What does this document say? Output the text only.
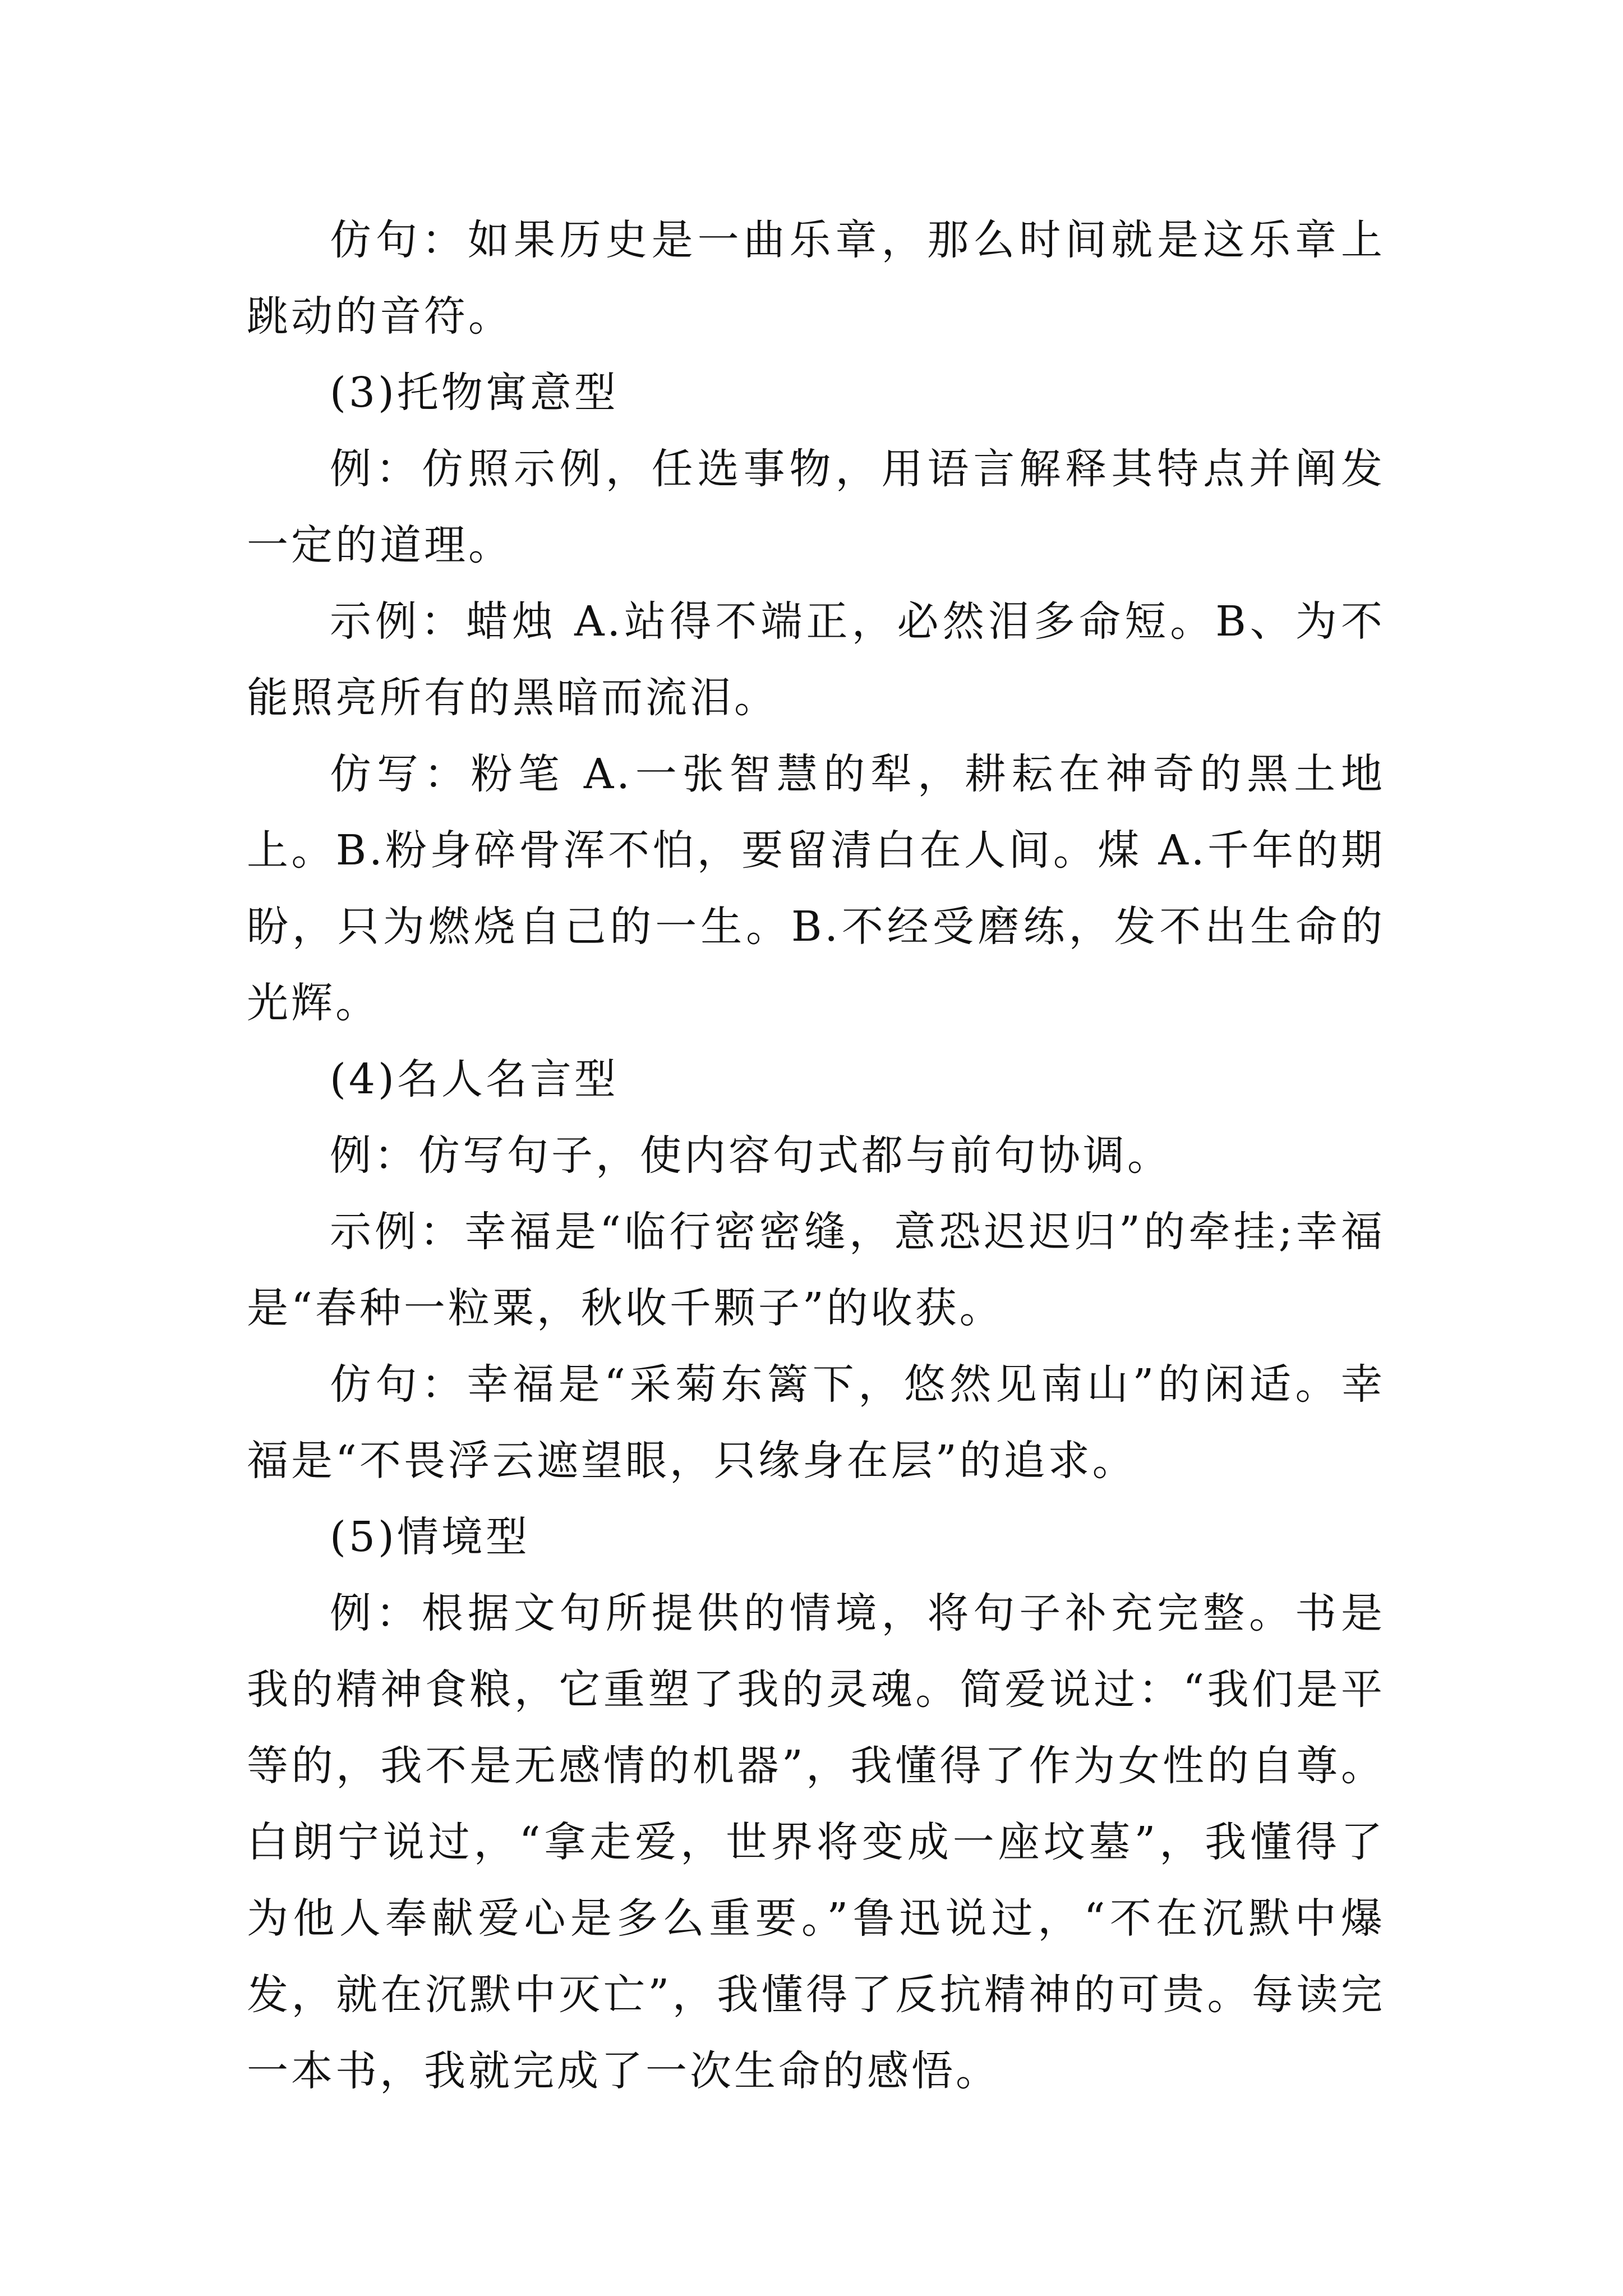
仿句：如果历史是一曲乐章，那么时间就是这乐章上跳动的音符。

(3)托物寓意型

例：仿照示例，任选事物，用语言解释其特点并阐发一定的道理。

示例：蜡烛 A.站得不端正，必然泪多命短。B、为不能照亮所有的黑暗而流泪。

仿写：粉笔 A.一张智慧的犁，耕耘在神奇的黑土地上。B.粉身碎骨浑不怕，要留清白在人间。煤 A.千年的期盼，只为燃烧自己的一生。B.不经受磨练，发不出生命的光辉。

(4)名人名言型

例：仿写句子，使内容句式都与前句协调。

示例：幸福是“临行密密缝，意恐迟迟归”的牵挂;幸福是“春种一粒粟，秋收千颗子”的收获。

仿句：幸福是“采菊东篱下，悠然见南山”的闲适。幸福是“不畏浮云遮望眼，只缘身在层”的追求。

(5)情境型

例：根据文句所提供的情境，将句子补充完整。书是我的精神食粮，它重塑了我的灵魂。简爱说过：“我们是平等的，我不是无感情的机器”，我懂得了作为女性的自尊。白朗宁说过，“拿走爱，世界将变成一座坟墓”，我懂得了为他人奉献爱心是多么重要。”鲁迅说过，“不在沉默中爆发，就在沉默中灭亡”，我懂得了反抗精神的可贵。每读完一本书，我就完成了一次生命的感悟。
